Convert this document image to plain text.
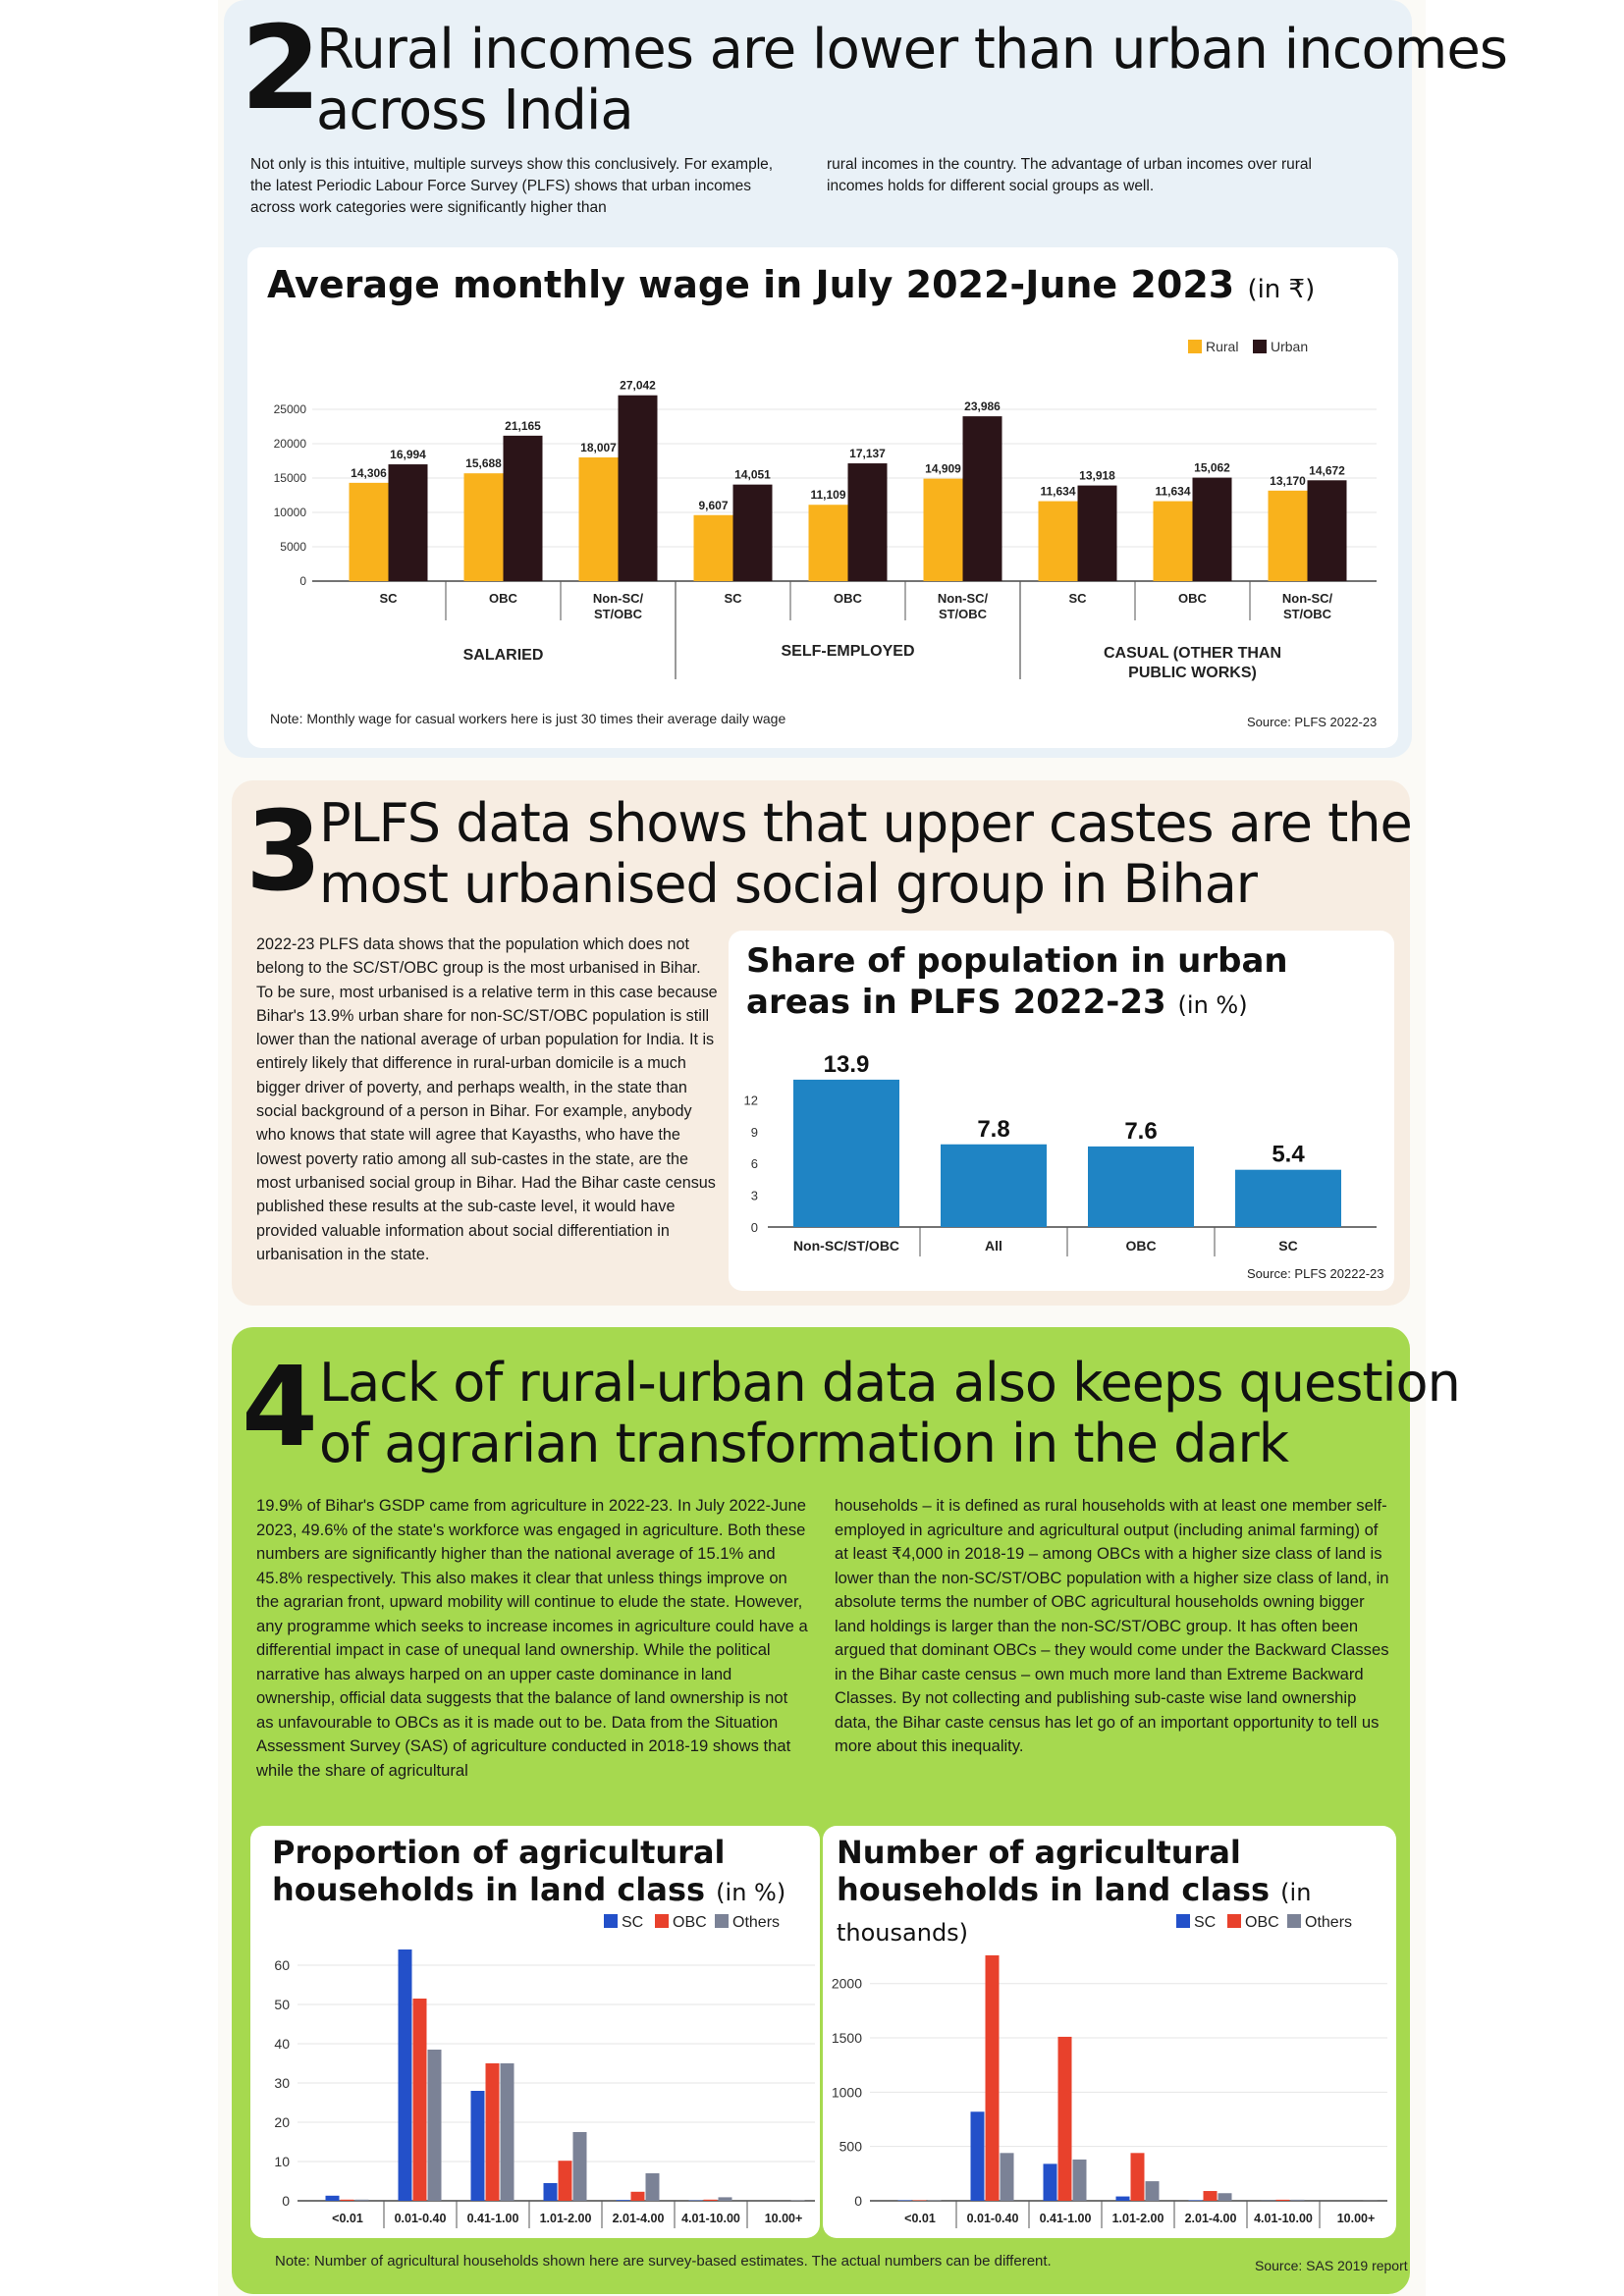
2
Rural incomes are lower than urban incomes
across India
Not only is this intuitive, multiple surveys show this conclusively. For example, the latest Periodic Labour Force Survey (PLFS) shows that urban incomes across work categories were significantly higher than
rural incomes in the country. The advantage of urban incomes over rural incomes holds for different social groups as well.
Average monthly wage in July 2022-June 2023 (in ₹)
25000
20000
15000
10000
5000
0
14,306
16,994
SC
15,688
21,165
OBC
18,007
27,042
Non-SC/
ST/OBC
9,607
14,051
SC
11,109
17,137
OBC
14,909
23,986
Non-SC/
ST/OBC
11,634
13,918
SC
11,634
15,062
OBC
13,170
14,672
Non-SC/
ST/OBC
SALARIED	SELF-EMPLOYED	CASUAL (OTHER THAN
PUBLIC WORKS)
Rural Urban
Note: Monthly wage for casual workers here is just 30 times their average daily wage	Source: PLFS 2022-23
3
PLFS data shows that upper castes are the
most urbanised social group in Bihar
2022-23 PLFS data shows that the population which does not belong to the SC/ST/OBC group is the most urbanised in Bihar. To be sure, most urbanised is a relative term in this case because Bihar's 13.9% urban share for non-SC/ST/OBC population is still lower than the national average of urban population for India. It is entirely likely that difference in rural-urban domicile is a much bigger driver of poverty, and perhaps wealth, in the state than social background of a person in Bihar. For example, anybody who knows that state will agree that Kayasths, who have the lowest poverty ratio among all sub-castes in the state, are the most urbanised social group in Bihar. Had the Bihar caste census published these results at the sub-caste level, it would have provided valuable information about social differentiation in urbanisation in the state.
Share of population in urban areas in PLFS 2022-23 (in %)
12
9
6
3
0
13.9
Non-SC/ST/OBC
7.8
All
7.6
OBC
5.4
SC
Source: PLFS 20222-23
4 Lack of rural-urban data also keeps question
of agrarian transformation in the dark
19.9% of Bihar's GSDP came from agriculture in 2022-23. In July 2022-June 2023, 49.6% of the state's workforce was engaged in agriculture. Both these numbers are significantly higher than the national average of 15.1% and 45.8% respectively. This also makes it clear that unless things improve on the agrarian front, upward mobility will continue to elude the state. However, any programme which seeks to increase incomes in agriculture could have a differential impact in case of unequal land ownership. While the political narrative has always harped on an upper caste dominance in land ownership, official data suggests that the balance of land ownership is not as unfavourable to OBCs as it is made out to be. Data from the Situation Assessment Survey (SAS) of agriculture conducted in 2018-19 shows that while the share of agricultural
households – it is defined as rural households with at least one member self-employed in agriculture and agricultural output (including animal farming) of at least ₹4,000 in 2018-19 – among OBCs with a higher size class of land is lower than the non-SC/ST/OBC population with a higher size class of land, in absolute terms the number of OBC agricultural households owning bigger land holdings is larger than the non-SC/ST/OBC group. It has often been argued that dominant OBCs – they would come under the Backward Classes in the Bihar caste census – own much more land than Extreme Backward Classes. By not collecting and publishing sub-caste wise land ownership data, the Bihar caste census has let go of an important opportunity to tell us more about this inequality.
Proportion of agricultural households in land class (in %)
60
50
40
30
20
10
0
<0.01	0.01-0.40 0.41-1.00 1.01-2.00 2.01-4.00 4.01-10.00 10.00+
SC OBC Others
Number of agricultural households in land class (in thousands)
2000
1500
1000
500
0
<0.01	0.01-0.40 0.41-1.00 1.01-2.00 2.01-4.00 4.01-10.00 10.00+
SC OBC Others
Note: Number of agricultural households shown here are survey-based estimates. The actual numbers can be different.	Source: SAS 2019 report
